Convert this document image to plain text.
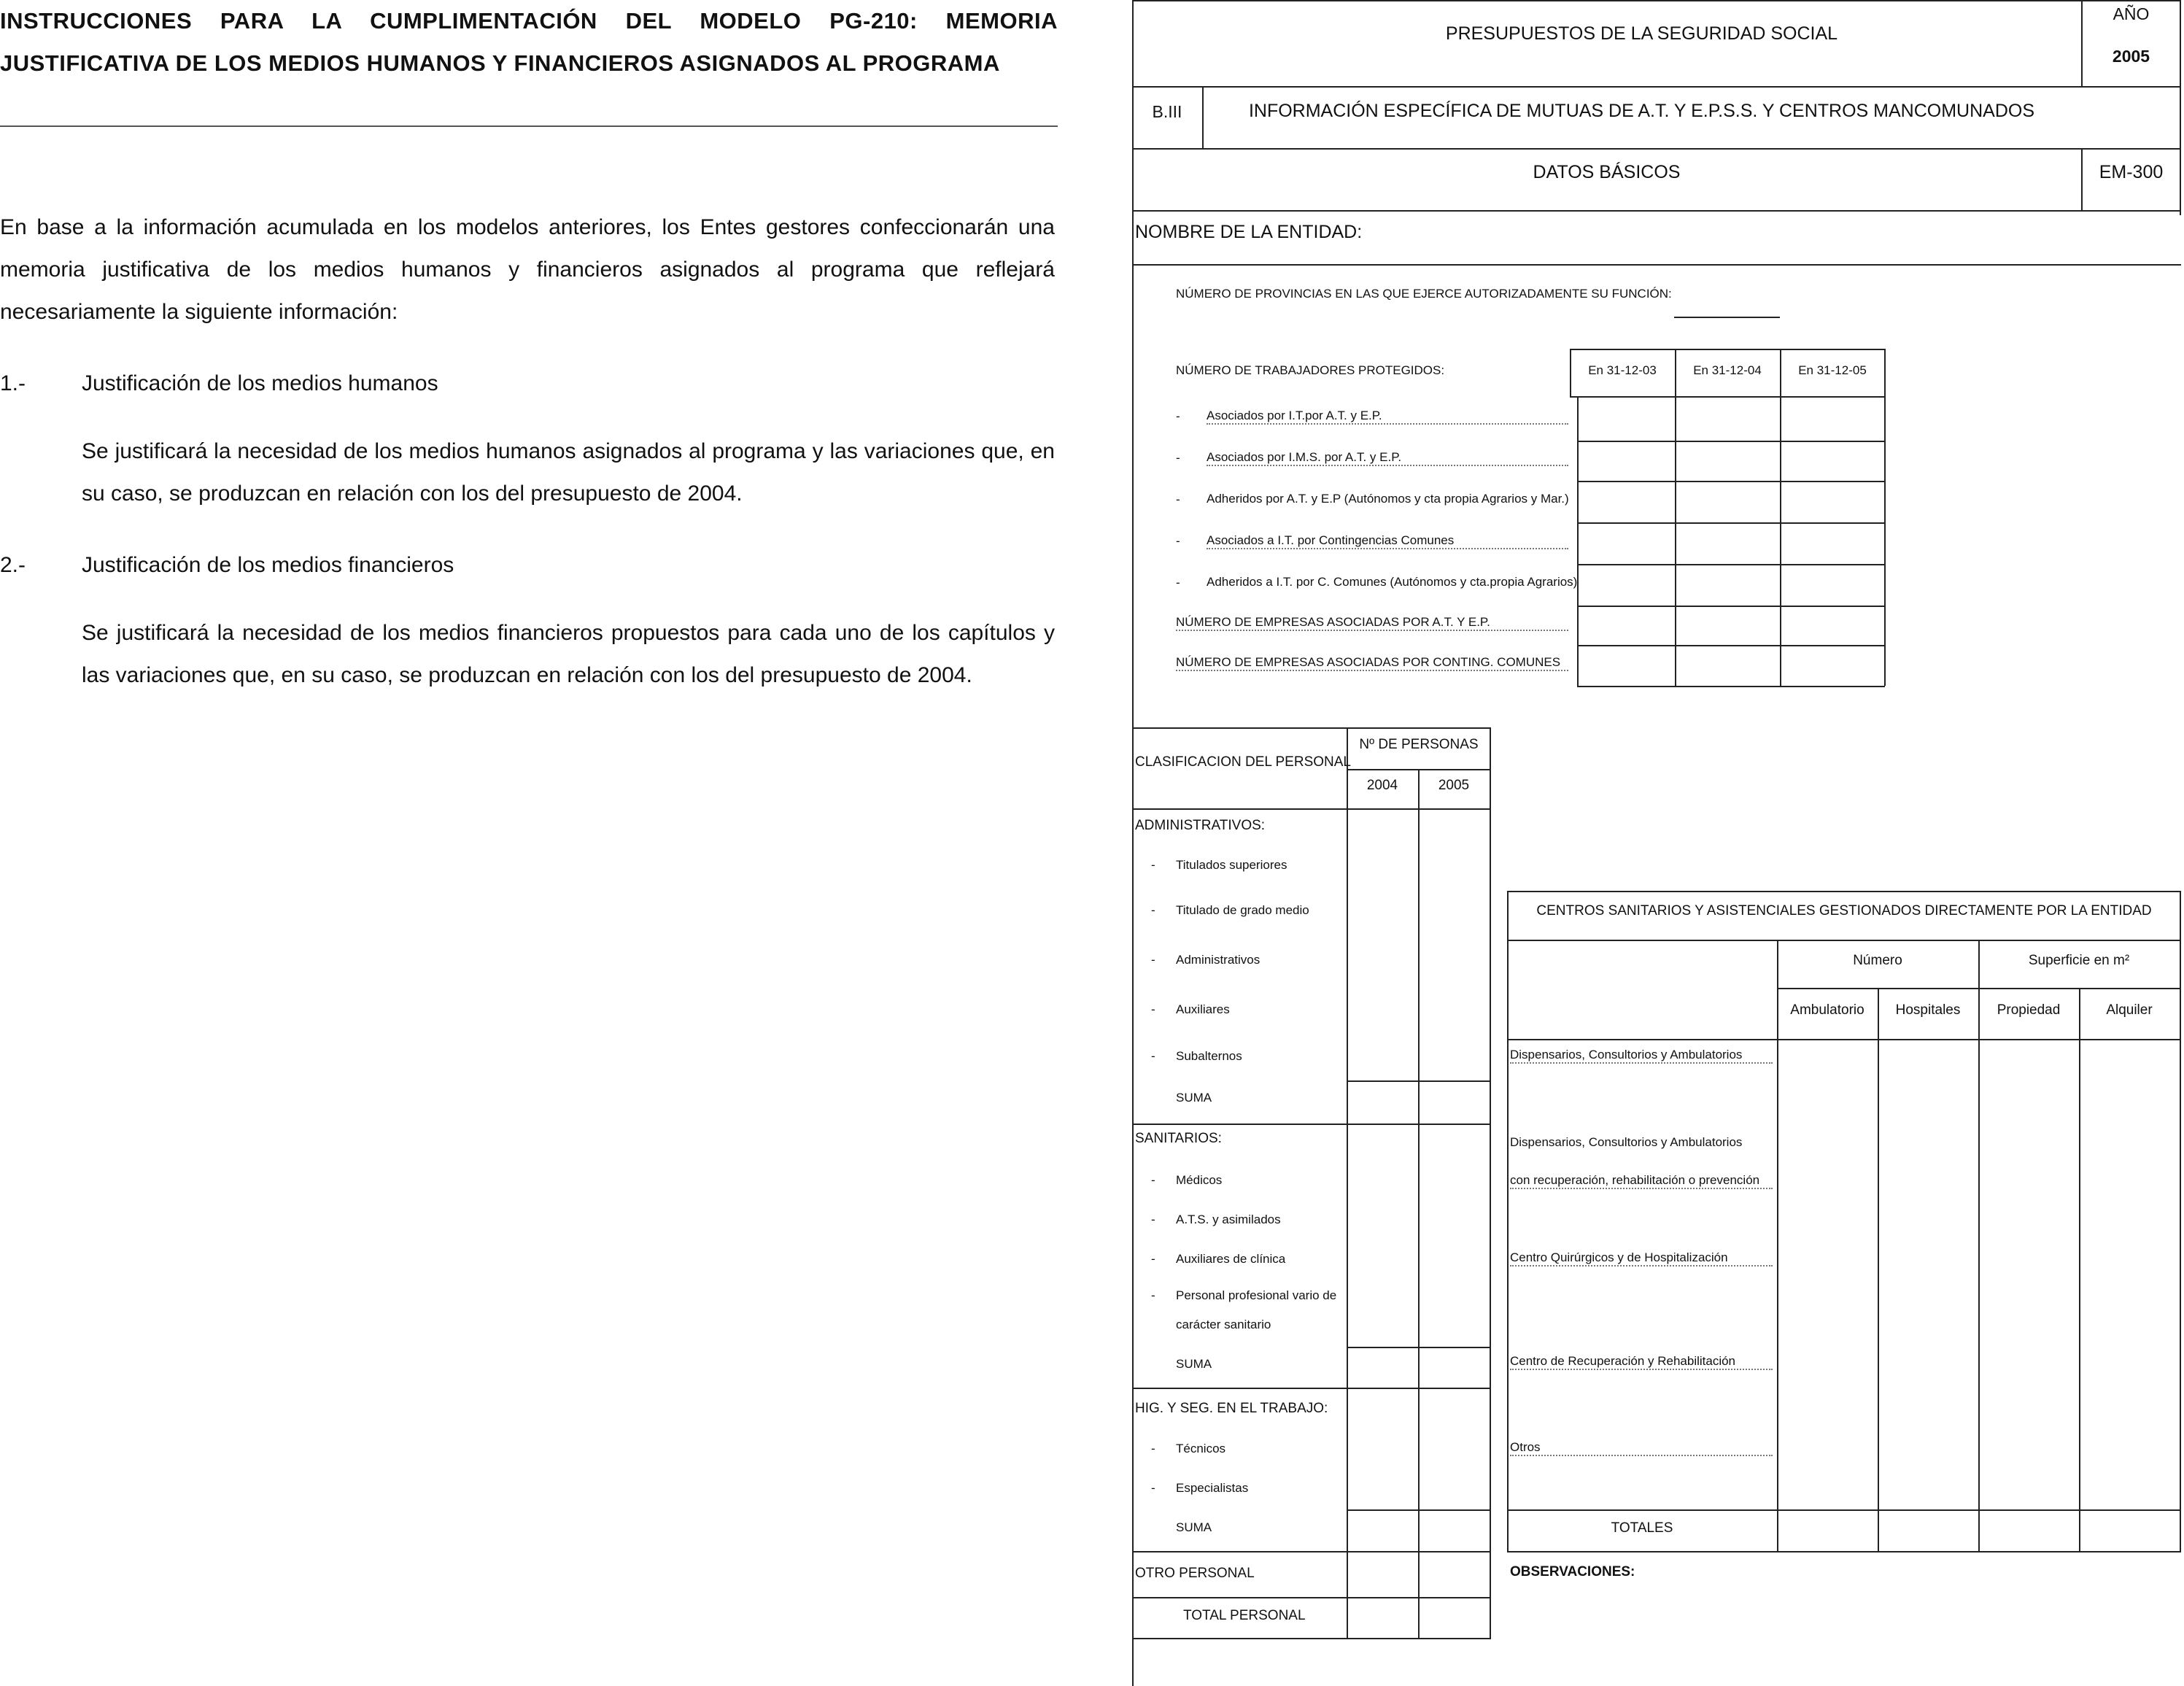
INSTRUCCIONES PARA LA CUMPLIMENTACIÓN DEL MODELO PG-210: MEMORIA JUSTIFICATIVA DE LOS MEDIOS HUMANOS Y FINANCIEROS ASIGNADOS AL PROGRAMA
En base a la información acumulada en los modelos anteriores, los Entes gestores confeccionarán una memoria justificativa de los medios humanos y financieros asignados al programa que reflejará necesariamente la siguiente información:
1.-	Justificación de los medios humanos
Se justificará la necesidad de los medios humanos asignados al programa y las variaciones que, en su caso, se produzcan en relación con los del presupuesto de 2004.
2.-	Justificación de los medios financieros
Se justificará la necesidad de los medios financieros propuestos para cada uno de los capítulos y las variaciones que, en su caso, se produzcan en relación con los del presupuesto de 2004.
PRESUPUESTOS DE LA SEGURIDAD SOCIAL
AÑO
2005
B.III	INFORMACIÓN ESPECÍFICA DE MUTUAS DE A.T. Y E.P.S.S. Y CENTROS MANCOMUNADOS
DATOS BÁSICOS	EM-300
NOMBRE DE LA ENTIDAD:
NÚMERO DE PROVINCIAS EN LAS QUE EJERCE AUTORIZADAMENTE SU FUNCIÓN:
NÚMERO DE TRABAJADORES PROTEGIDOS:	En 31-12-03	En 31-12-04	En 31-12-05
- Asociados por I.T.por A.T. y E.P.
- Asociados por I.M.S. por A.T. y E.P.
- Adheridos por A.T. y E.P (Autónomos y cta propia Agrarios y Mar.)
- Asociados a I.T. por Contingencias Comunes
- Adheridos a I.T. por C. Comunes (Autónomos y cta.propia Agrarios)
NÚMERO DE EMPRESAS ASOCIADAS POR A.T. Y E.P.
NÚMERO DE EMPRESAS ASOCIADAS POR CONTING. COMUNES
CLASIFICACION DEL PERSONAL
Nº DE PERSONAS
2004	2005
ADMINISTRATIVOS:
- Titulados superiores
- Titulado de grado medio
- Administrativos
- Auxiliares
- Subalternos
SUMA
SANITARIOS:
- Médicos
- A.T.S. y asimilados
- Auxiliares de clínica
- Personal profesional vario de
carácter sanitario
SUMA
HIG. Y SEG. EN EL TRABAJO:
- Técnicos
- Especialistas
SUMA
OTRO PERSONAL
TOTAL PERSONAL
CENTROS SANITARIOS Y ASISTENCIALES GESTIONADOS DIRECTAMENTE POR LA ENTIDAD
Número	Superficie en m²
Ambulatorio	Hospitales	Propiedad	Alquiler
Dispensarios, Consultorios y Ambulatorios
Dispensarios, Consultorios y Ambulatorios
con recuperación, rehabilitación o prevención
Centro Quirúrgicos y de Hospitalización
Centro de Recuperación y Rehabilitación
Otros
TOTALES
OBSERVACIONES:
